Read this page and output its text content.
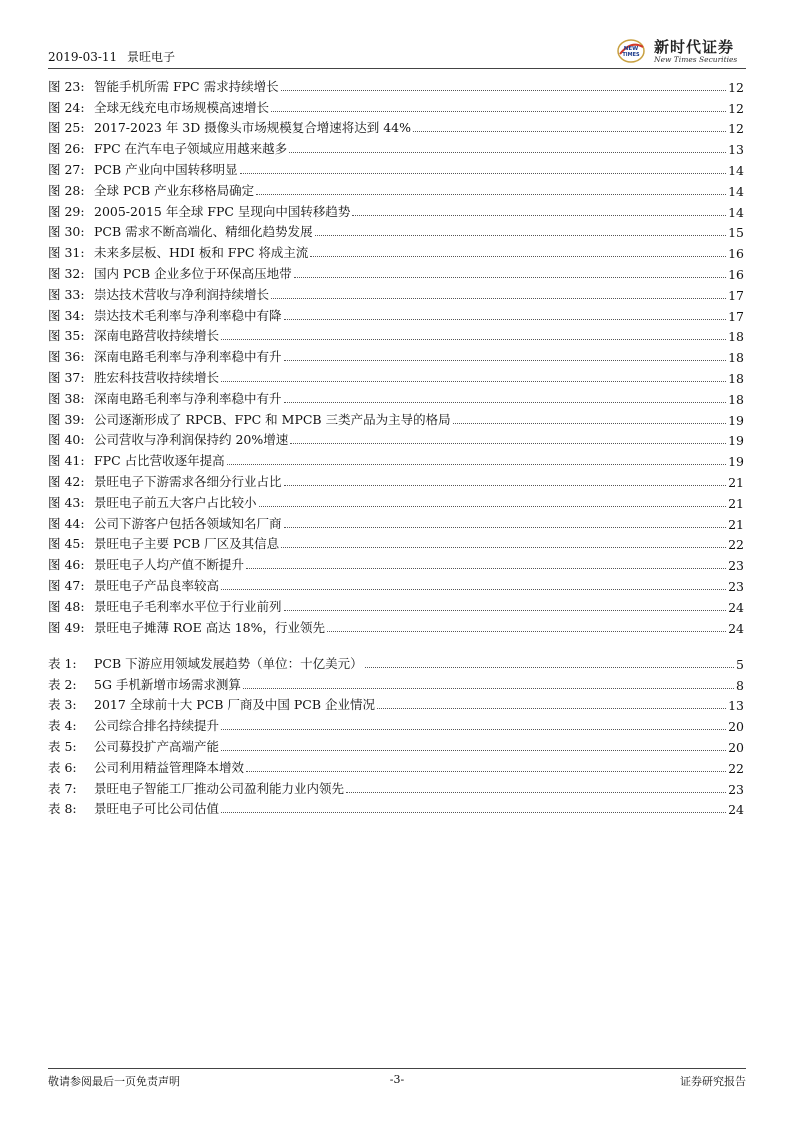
2019-03-11 景旺电子
NEW
TIMES 新时代证券
New Times Securities
图 23: 智能手机所需 FPC 需求持续增长	12
图 24: 全球无线充电市场规模高速增长	12
图 25: 2017-2023 年 3D 摄像头市场规模复合增速将达到 44%	12
图 26: FPC 在汽车电子领域应用越来越多	13
图 27: PCB 产业向中国转移明显	14
图 28: 全球 PCB 产业东移格局确定	14
图 29: 2005-2015 年全球 FPC 呈现向中国转移趋势	14
图 30: PCB 需求不断高端化、精细化趋势发展	15
图 31: 未来多层板、HDI 板和 FPC 将成主流	16
图 32: 国内 PCB 企业多位于环保高压地带	16
图 33: 崇达技术营收与净利润持续增长	17
图 34: 崇达技术毛利率与净利率稳中有降	17
图 35: 深南电路营收持续增长	18
图 36: 深南电路毛利率与净利率稳中有升	18
图 37: 胜宏科技营收持续增长	18
图 38: 深南电路毛利率与净利率稳中有升	18
图 39: 公司逐渐形成了 RPCB、FPC 和 MPCB 三类产品为主导的格局	19
图 40: 公司营收与净利润保持约 20%增速	19
图 41: FPC 占比营收逐年提高	19
图 42: 景旺电子下游需求各细分行业占比	21
图 43: 景旺电子前五大客户占比较小	21
图 44: 公司下游客户包括各领域知名厂商	21
图 45: 景旺电子主要 PCB 厂区及其信息	22
图 46: 景旺电子人均产值不断提升	23
图 47: 景旺电子产品良率较高	23
图 48: 景旺电子毛利率水平位于行业前列	24
图 49: 景旺电子摊薄 ROE 高达 18%，行业领先	24
表 1: PCB 下游应用领域发展趋势（单位：十亿美元）	5
表 2: 5G 手机新增市场需求测算	8
表 3: 2017 全球前十大 PCB 厂商及中国 PCB 企业情况	13
表 4: 公司综合排名持续提升	20
表 5: 公司募投扩产高端产能	20
表 6: 公司利用精益管理降本增效	22
表 7: 景旺电子智能工厂推动公司盈利能力业内领先	23
表 8: 景旺电子可比公司估值	24
敬请参阅最后一页免责声明	-3-	证券研究报告
